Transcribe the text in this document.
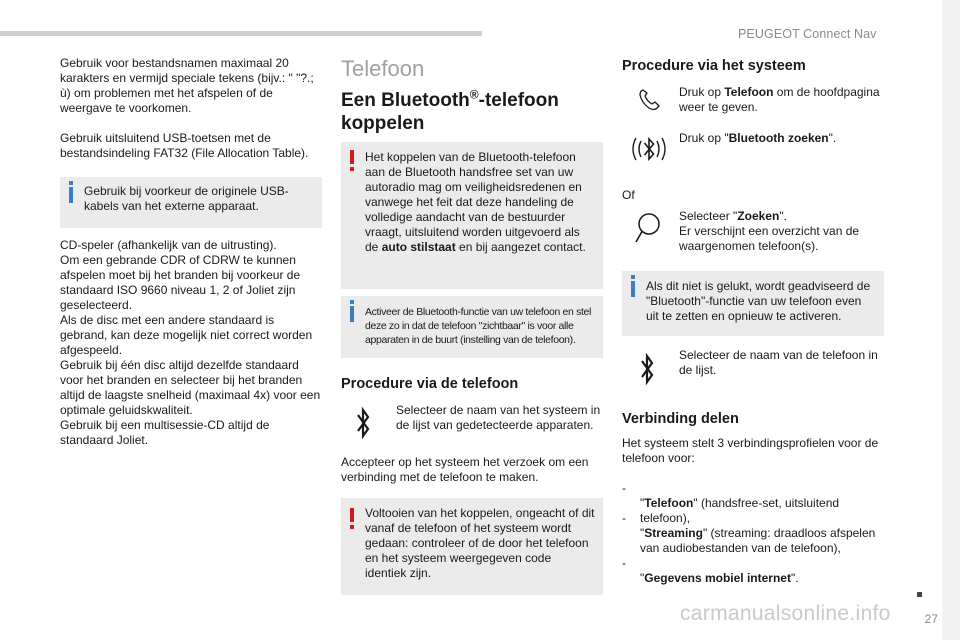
PEUGEOT Connect Nav
27
carmanualsonline.info
Gebruik voor bestandsnamen maximaal 20 karakters en vermijd speciale tekens (bijv.: " "?.; ù) om problemen met het afspelen of de weergave te voorkomen.
Gebruik uitsluitend USB-toetsen met de bestandsindeling FAT32 (File Allocation Table).
Gebruik bij voorkeur de originele USB-kabels van het externe apparaat.
CD-speler (afhankelijk van de uitrusting).
Om een gebrande CDR of CDRW te kunnen afspelen moet bij het branden bij voorkeur de standaard ISO 9660 niveau 1, 2 of Joliet zijn geselecteerd.
Als de disc met een andere standaard is gebrand, kan deze mogelijk niet correct worden afgespeeld.
Gebruik bij één disc altijd dezelfde standaard voor het branden en selecteer bij het branden altijd de laagste snelheid (maximaal 4x) voor een optimale geluidskwaliteit.
Gebruik bij een multisessie-CD altijd de standaard Joliet.
Telefoon
Een Bluetooth®-telefoon koppelen
Het koppelen van de Bluetooth-telefoon aan de Bluetooth handsfree set van uw autoradio mag om veiligheidsredenen en vanwege het feit dat deze handeling de volledige aandacht van de bestuurder vraagt, uitsluitend worden uitgevoerd als de auto stilstaat en bij aangezet contact.
Activeer de Bluetooth-functie van uw telefoon en stel deze zo in dat de telefoon "zichtbaar" is voor alle apparaten in de buurt (instelling van de telefoon).
Procedure via de telefoon
Selecteer de naam van het systeem in de lijst van gedetecteerde apparaten.
Accepteer op het systeem het verzoek om een verbinding met de telefoon te maken.
Voltooien van het koppelen, ongeacht of dit vanaf de telefoon of het systeem wordt gedaan: controleer of de door het telefoon en het systeem weergegeven code identiek zijn.
Procedure via het systeem
Druk op Telefoon om de hoofdpagina weer te geven.
Druk op "Bluetooth zoeken".
Of
Selecteer "Zoeken".
Er verschijnt een overzicht van de waargenomen telefoon(s).
Als dit niet is gelukt, wordt geadviseerd de "Bluetooth"-functie van uw telefoon even uit te zetten en opnieuw te activeren.
Selecteer de naam van de telefoon in de lijst.
Verbinding delen
Het systeem stelt 3 verbindingsprofielen voor de telefoon voor:

-

"Telefoon" (handsfree-set, uitsluitend telefoon),

-

"Streaming" (streaming: draadloos afspelen van audiobestanden van de telefoon),

-

"Gegevens mobiel internet".
